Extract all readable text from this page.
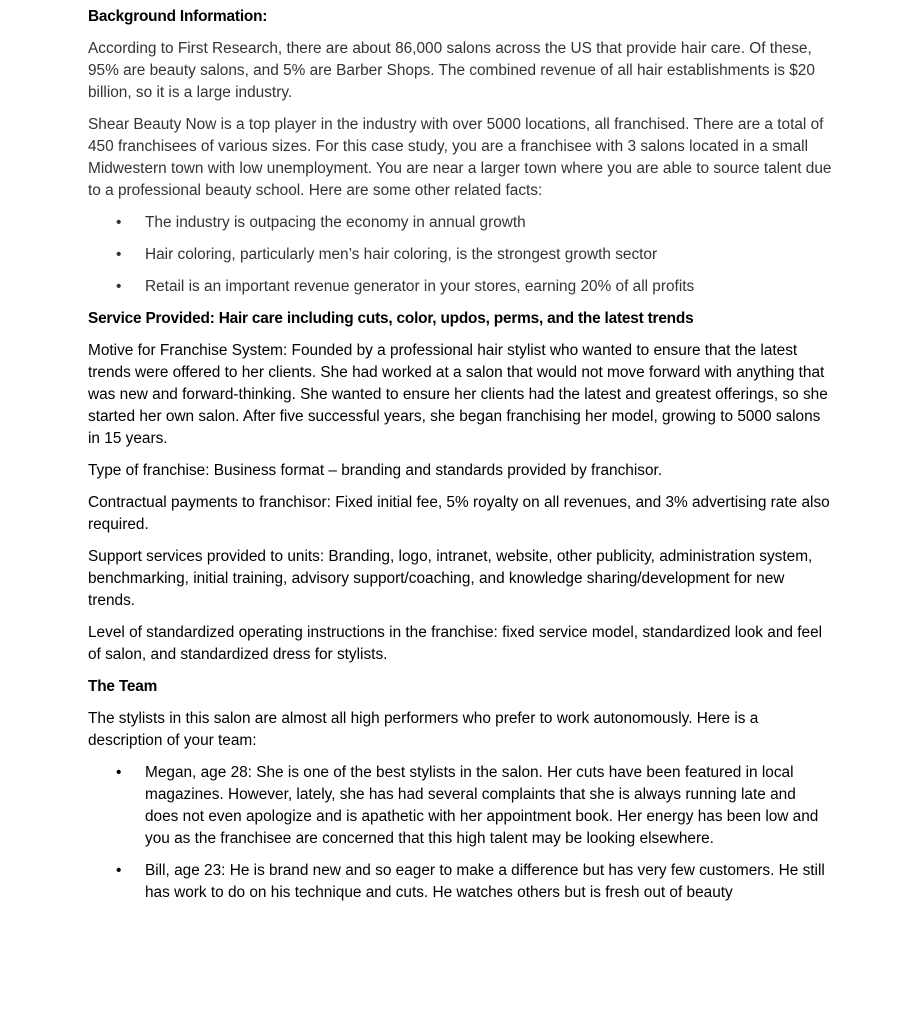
Background Information:
According to First Research, there are about 86,000 salons across the US that provide hair care. Of these, 95% are beauty salons, and 5% are Barber Shops. The combined revenue of all hair establishments is $20 billion, so it is a large industry.
Shear Beauty Now is a top player in the industry with over 5000 locations, all franchised. There are a total of 450 franchisees of various sizes. For this case study, you are a franchisee with 3 salons located in a small Midwestern town with low unemployment. You are near a larger town where you are able to source talent due to a professional beauty school. Here are some other related facts:
• The industry is outpacing the economy in annual growth
• Hair coloring, particularly men’s hair coloring, is the strongest growth sector
• Retail is an important revenue generator in your stores, earning 20% of all profits
Service Provided: Hair care including cuts, color, updos, perms, and the latest trends
Motive for Franchise System: Founded by a professional hair stylist who wanted to ensure that the latest trends were offered to her clients. She had worked at a salon that would not move forward with anything that was new and forward-thinking. She wanted to ensure her clients had the latest and greatest offerings, so she started her own salon. After five successful years, she began franchising her model, growing to 5000 salons in 15 years.
Type of franchise: Business format – branding and standards provided by franchisor.
Contractual payments to franchisor: Fixed initial fee, 5% royalty on all revenues, and 3% advertising rate also required.
Support services provided to units: Branding, logo, intranet, website, other publicity, administration system, benchmarking, initial training, advisory support/coaching, and knowledge sharing/development for new trends.
Level of standardized operating instructions in the franchise: fixed service model, standardized look and feel of salon, and standardized dress for stylists.
The Team
The stylists in this salon are almost all high performers who prefer to work autonomously. Here is a description of your team:
• Megan, age 28: She is one of the best stylists in the salon. Her cuts have been featured in local magazines. However, lately, she has had several complaints that she is always running late and does not even apologize and is apathetic with her appointment book. Her energy has been low and you as the franchisee are concerned that this high talent may be looking elsewhere.
• Bill, age 23: He is brand new and so eager to make a difference but has very few customers. He still has work to do on his technique and cuts. He watches others but is fresh out of beauty
